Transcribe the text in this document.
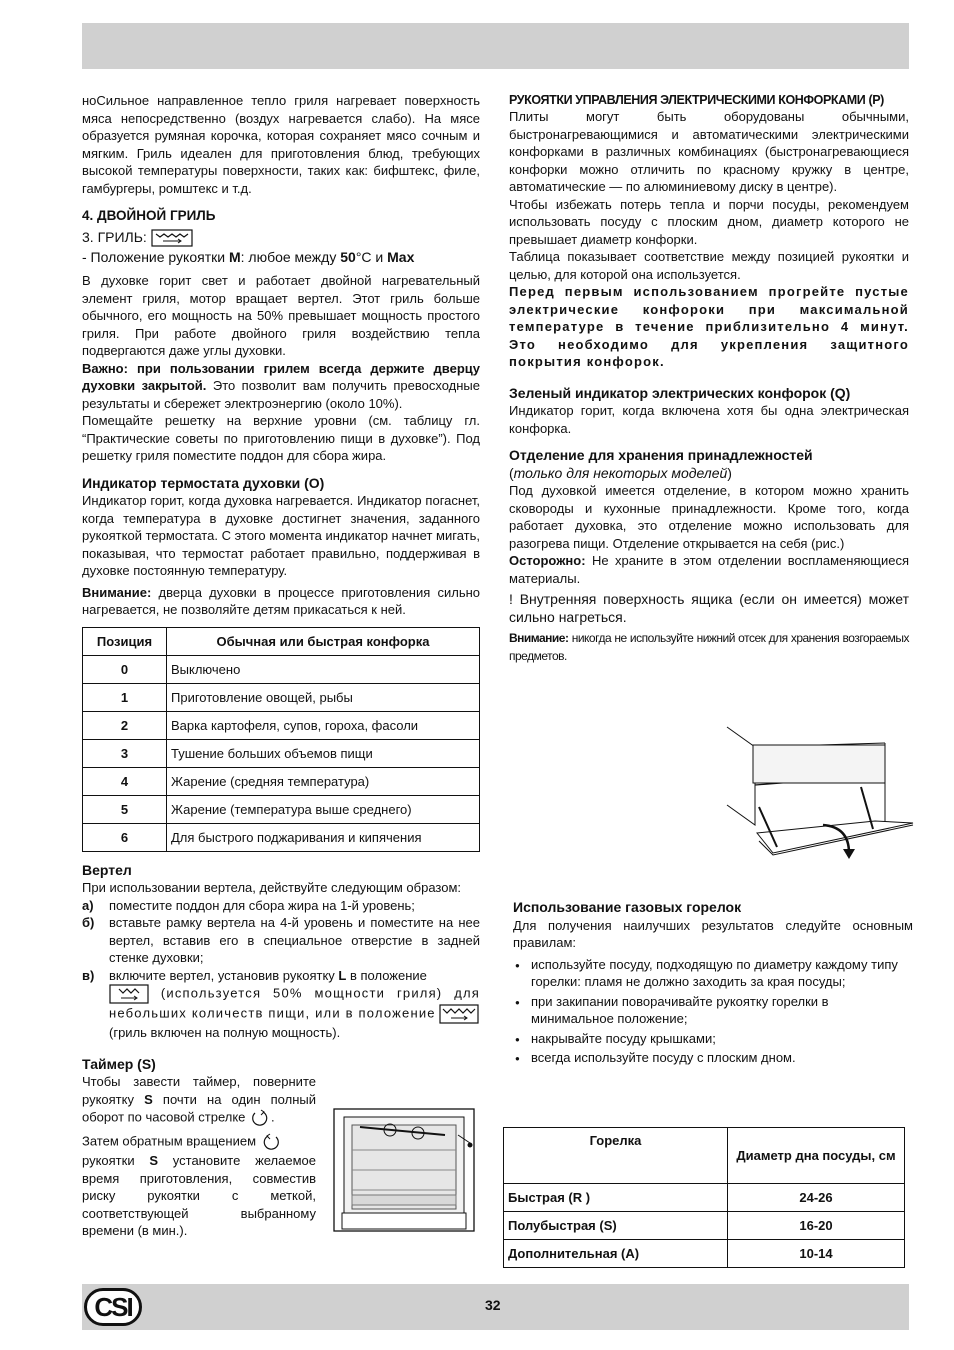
ноСильное направленное тепло гриля нагревает поверхность мяса непосредственно (воздух нагревается слабо). На мясе образуется румяная корочка, которая сохраняет мясо сочным и мягким. Гриль идеален для приготовления блюд, требующих высокой температуры поверхности, таких как: бифштекс, филе, гамбургеры, ромштекс и т.д.

4. ДВОЙНОЙ ГРИЛЬ
3. ГРИЛЬ:
- Положение рукоятки M: любое между 50°С и Max

В духовке горит свет и работает двойной нагревательный элемент гриля, мотор вращает вертел. Этот гриль больше обычного, его мощность на 50% превышает мощность простого гриля. При работе двойного гриля воздействию тепла подвергаются даже углы духовки.

Важно: при пользовании грилем всегда держите дверцу духовки закрытой. Это позволит вам получить превосходные результаты и сбережет электроэнергию (около 10%).

Помещайте решетку на верхние уровни (см. таблицу гл. “Практические советы по приготовлению пищи в духовке”). Под решетку гриля поместите поддон для сбора жира.

Индикатор термостата духовки (O)

Индикатор горит, когда духовка нагревается. Индикатор погаснет, когда температура в духовке достигнет значения, заданного рукояткой термостата. С этого момента индикатор начнет мигать, показывая, что термостат работает правильно, поддерживая в духовке постоянную температуру.

Внимание: дверца духовки в процессе приготовления сильно нагревается, не позволяйте детям прикасаться к ней.

Позиция	Обычная или быстрая конфорка
0	Выключено
1	Приготовление овощей, рыбы
2	Варка картофеля, супов, гороха, фасоли
3	Тушение больших объемов пищи
4	Жарение (средняя температура)
5	Жарение (температура выше среднего)
6	Для быстрого поджаривания и кипячения
Вертел

При использовании вертела, действуйте следующим образом:

а)	поместите поддон для сбора жира на 1-й уровень;
б)	вставьте рамку вертела на 4-й уровень и поместите на нее вертел, вставив его в специальное отверстие в задней стенке духовки;
в)	включите вертел, установив рукоятку L в положение
(используется 50% мощности гриля) для небольших количеств пищи, или в положение
(гриль включен на полную мощность).
Таймер (S)

Чтобы завести таймер, поверните рукоятку S почти на один полный оборот по часовой стрелке .

Затем обратным вращением

рукоятки S установите желаемое время приготовления, совместив риску рукоятки с меткой, соответствующей выбранному времени (в мин.).

РУКОЯТКИ УПРАВЛЕНИЯ ЭЛЕКТРИЧЕСКИМИ КОНФОРКАМИ (P)

Плиты могут быть оборудованы обычными, быстронагревающимися и автоматическими электрическими конфорками в различных комбинациях (быстронагревающиеся конфорки можно отличить по красному кружку в центре, автоматические — по алюминиевому диску в центре).

Чтобы избежать потерь тепла и порчи посуды, рекомендуем использовать посуду с плоским дном, диаметр которого не превышает диаметр конфорки.

Таблица показывает соответствие между позицией рукоятки и целью, для которой она используется.

Перед первым использованием прогрейте пустые электрические конфороки при максимальной температуре в течение приблизительно 4 минут. Это необходимо для укрепления защитного покрытия конфорок.

Зеленый индикатор электрических конфорок (Q)

Индикатор горит, когда включена хотя бы одна электрическая конфорка.

Отделение для хранения принадлежностей
(только для некоторых моделей)

Под духовкой имеется отделение, в котором можно хранить сковороды и кухонные принадлежности. Кроме того, когда работает духовка, это отделение можно использовать для разогрева пищи. Отделение открывается на себя (рис.)

Осторожно: Не храните в этом отделении воспламеняющиеся материалы.

! Внутренняя поверхность ящика (если он имеется) может сильно нагреться.

Внимание: никогда не используйте нижний отсек для хранения возгораемых предметов.

Использование газовых горелок

Для получения наилучших результатов следуйте основным правилам:

● используйте посуду, подходящую по диаметру каждому типу горелки: пламя не должно заходить за края посуды;
● при закипании поворачивайте рукоятку горелки в минимальное положение;
● накрывайте посуду крышками;
● всегда используйте посуду с плоским дном.
Горелка	Диаметр дна посуды, см
Быстрая (R )	24-26
Полубыстрая (S)	16-20
Дополнительная (А)	10-14
CSI	32
